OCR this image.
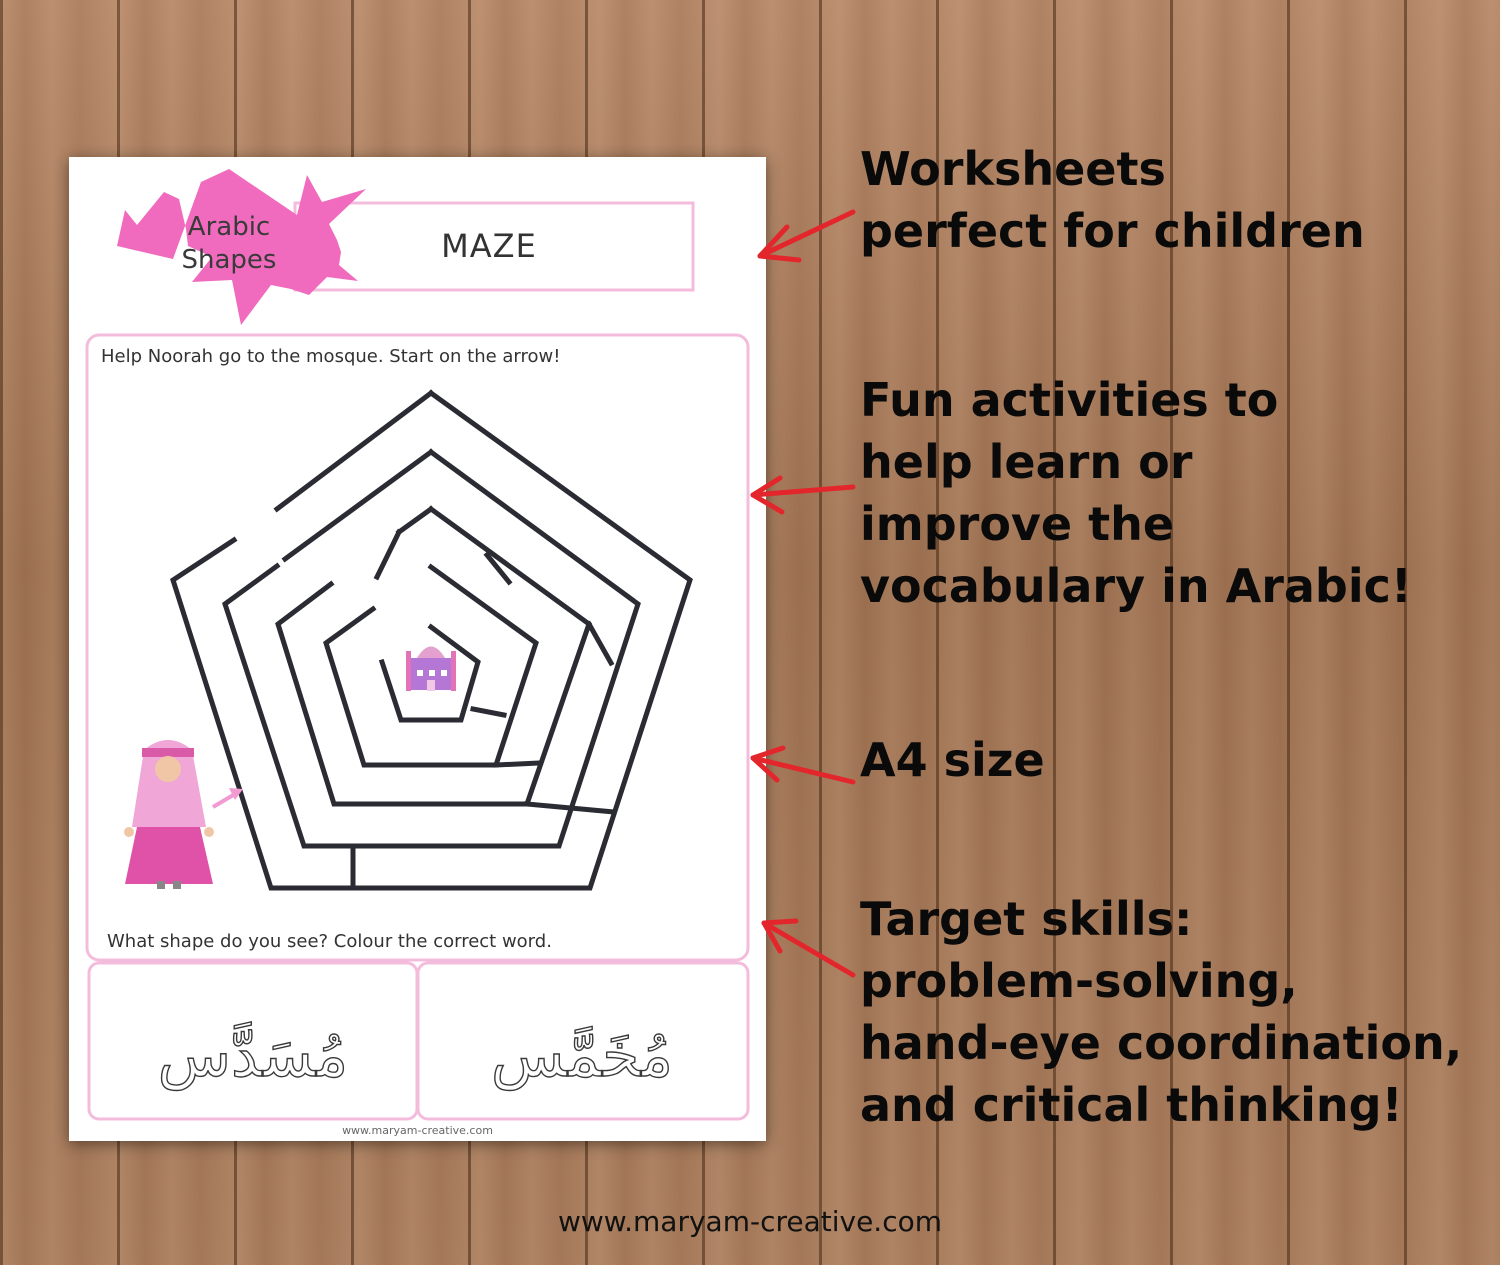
مُسَدَّس مُخَمَّس
Arabic Shapes	MAZE
Help Noorah go to the mosque. Start on the arrow!
What shape do you see? Colour the correct word.
www.maryam-creative.com
Worksheets
perfect for children
Fun activities to
help learn or
improve the
vocabulary in Arabic!
A4 size
Target skills:
problem-solving,
hand-eye coordination,
and critical thinking!
www.maryam-creative.com
